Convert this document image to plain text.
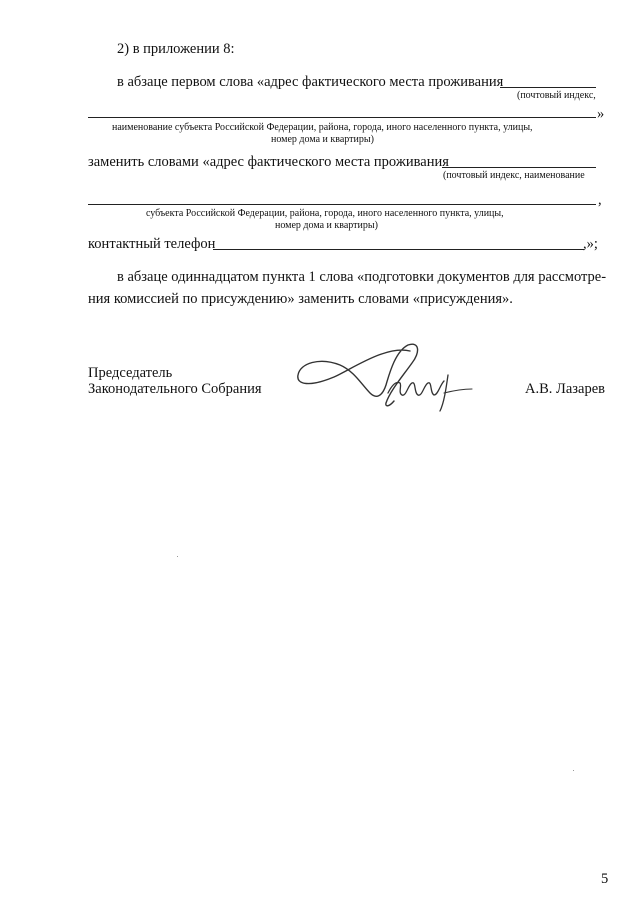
2) в приложении 8:
в абзаце первом слова «адрес фактического места проживания
(почтовый индекс,
»
наименование субъекта Российской Федерации, района, города, иного населенного пункта, улицы,
номер дома и квартиры)
заменить словами «адрес фактического места проживания
(почтовый индекс, наименование
,
субъекта Российской Федерации, района, города, иного населенного пункта, улицы,
номер дома и квартиры)
контактный телефон	,»;
в абзаце одиннадцатом пункта 1 слова «подготовки документов для рассмотре-
ния комиссией по присуждению» заменить словами «присуждения».
Председатель
Законодательного Собрания	А.В. Лазарев
5
